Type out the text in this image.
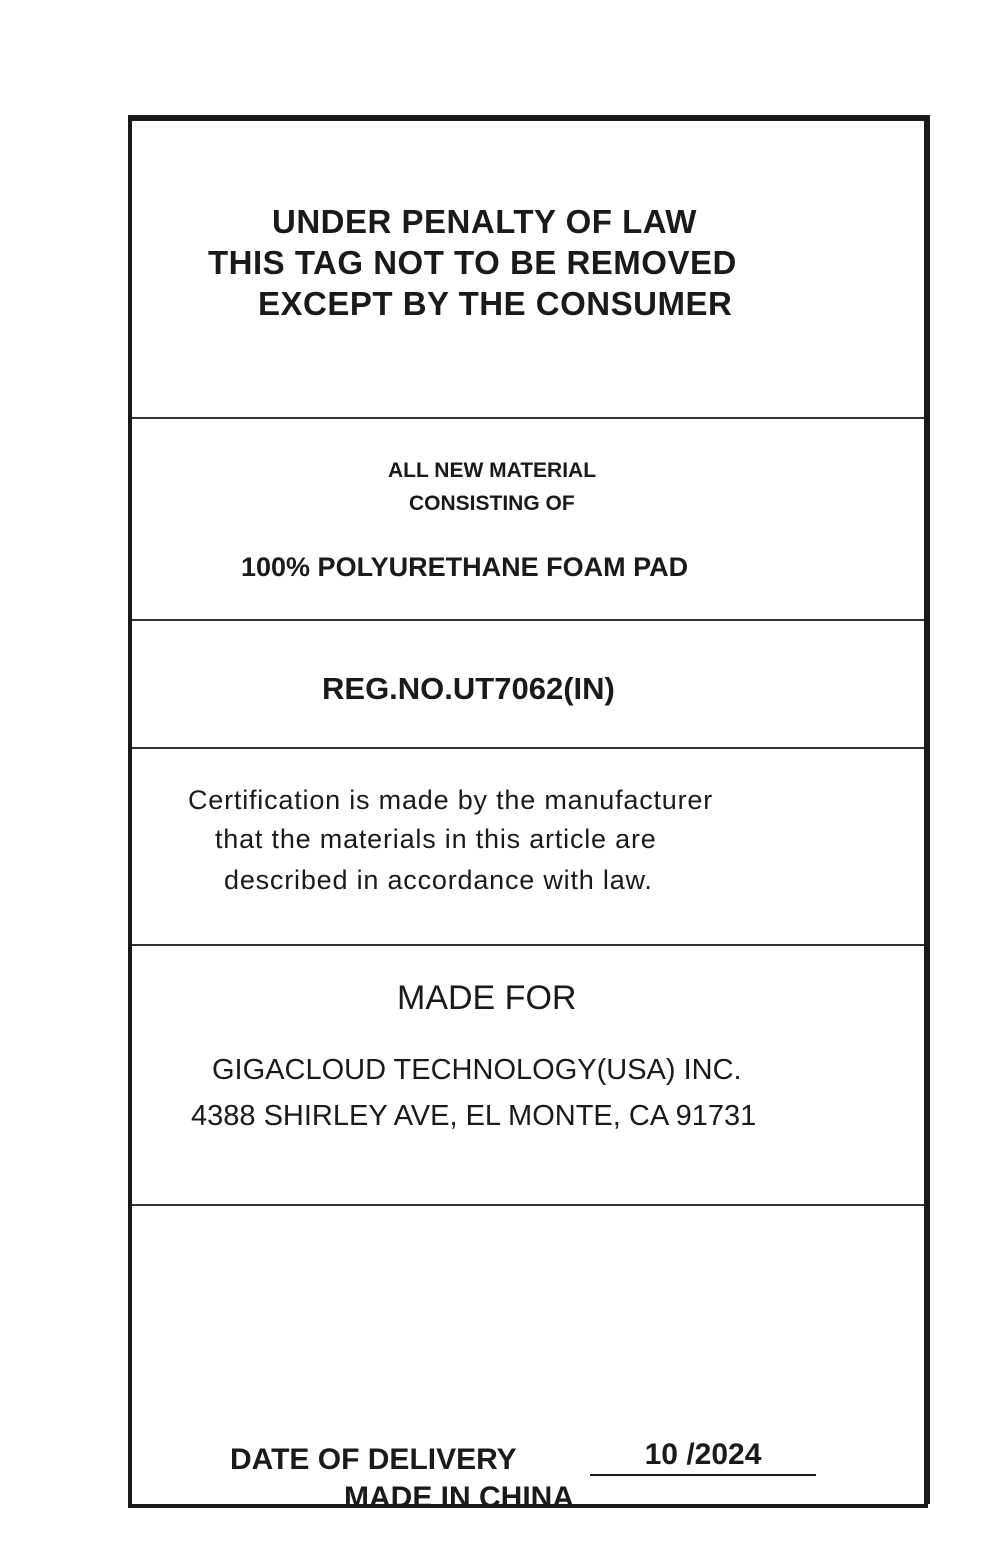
UNDER PENALTY OF LAW
THIS TAG NOT TO BE REMOVED
EXCEPT BY THE CONSUMER
ALL NEW MATERIAL
CONSISTING OF
100% POLYURETHANE FOAM PAD
REG.NO.UT7062(IN)
Certification is made by the manufacturer
that the materials in this article are
described in accordance with law.
MADE FOR
GIGACLOUD TECHNOLOGY(USA) INC.
4388 SHIRLEY AVE, EL MONTE, CA 91731
DATE OF DELIVERY	10 /2024
MADE IN CHINA
